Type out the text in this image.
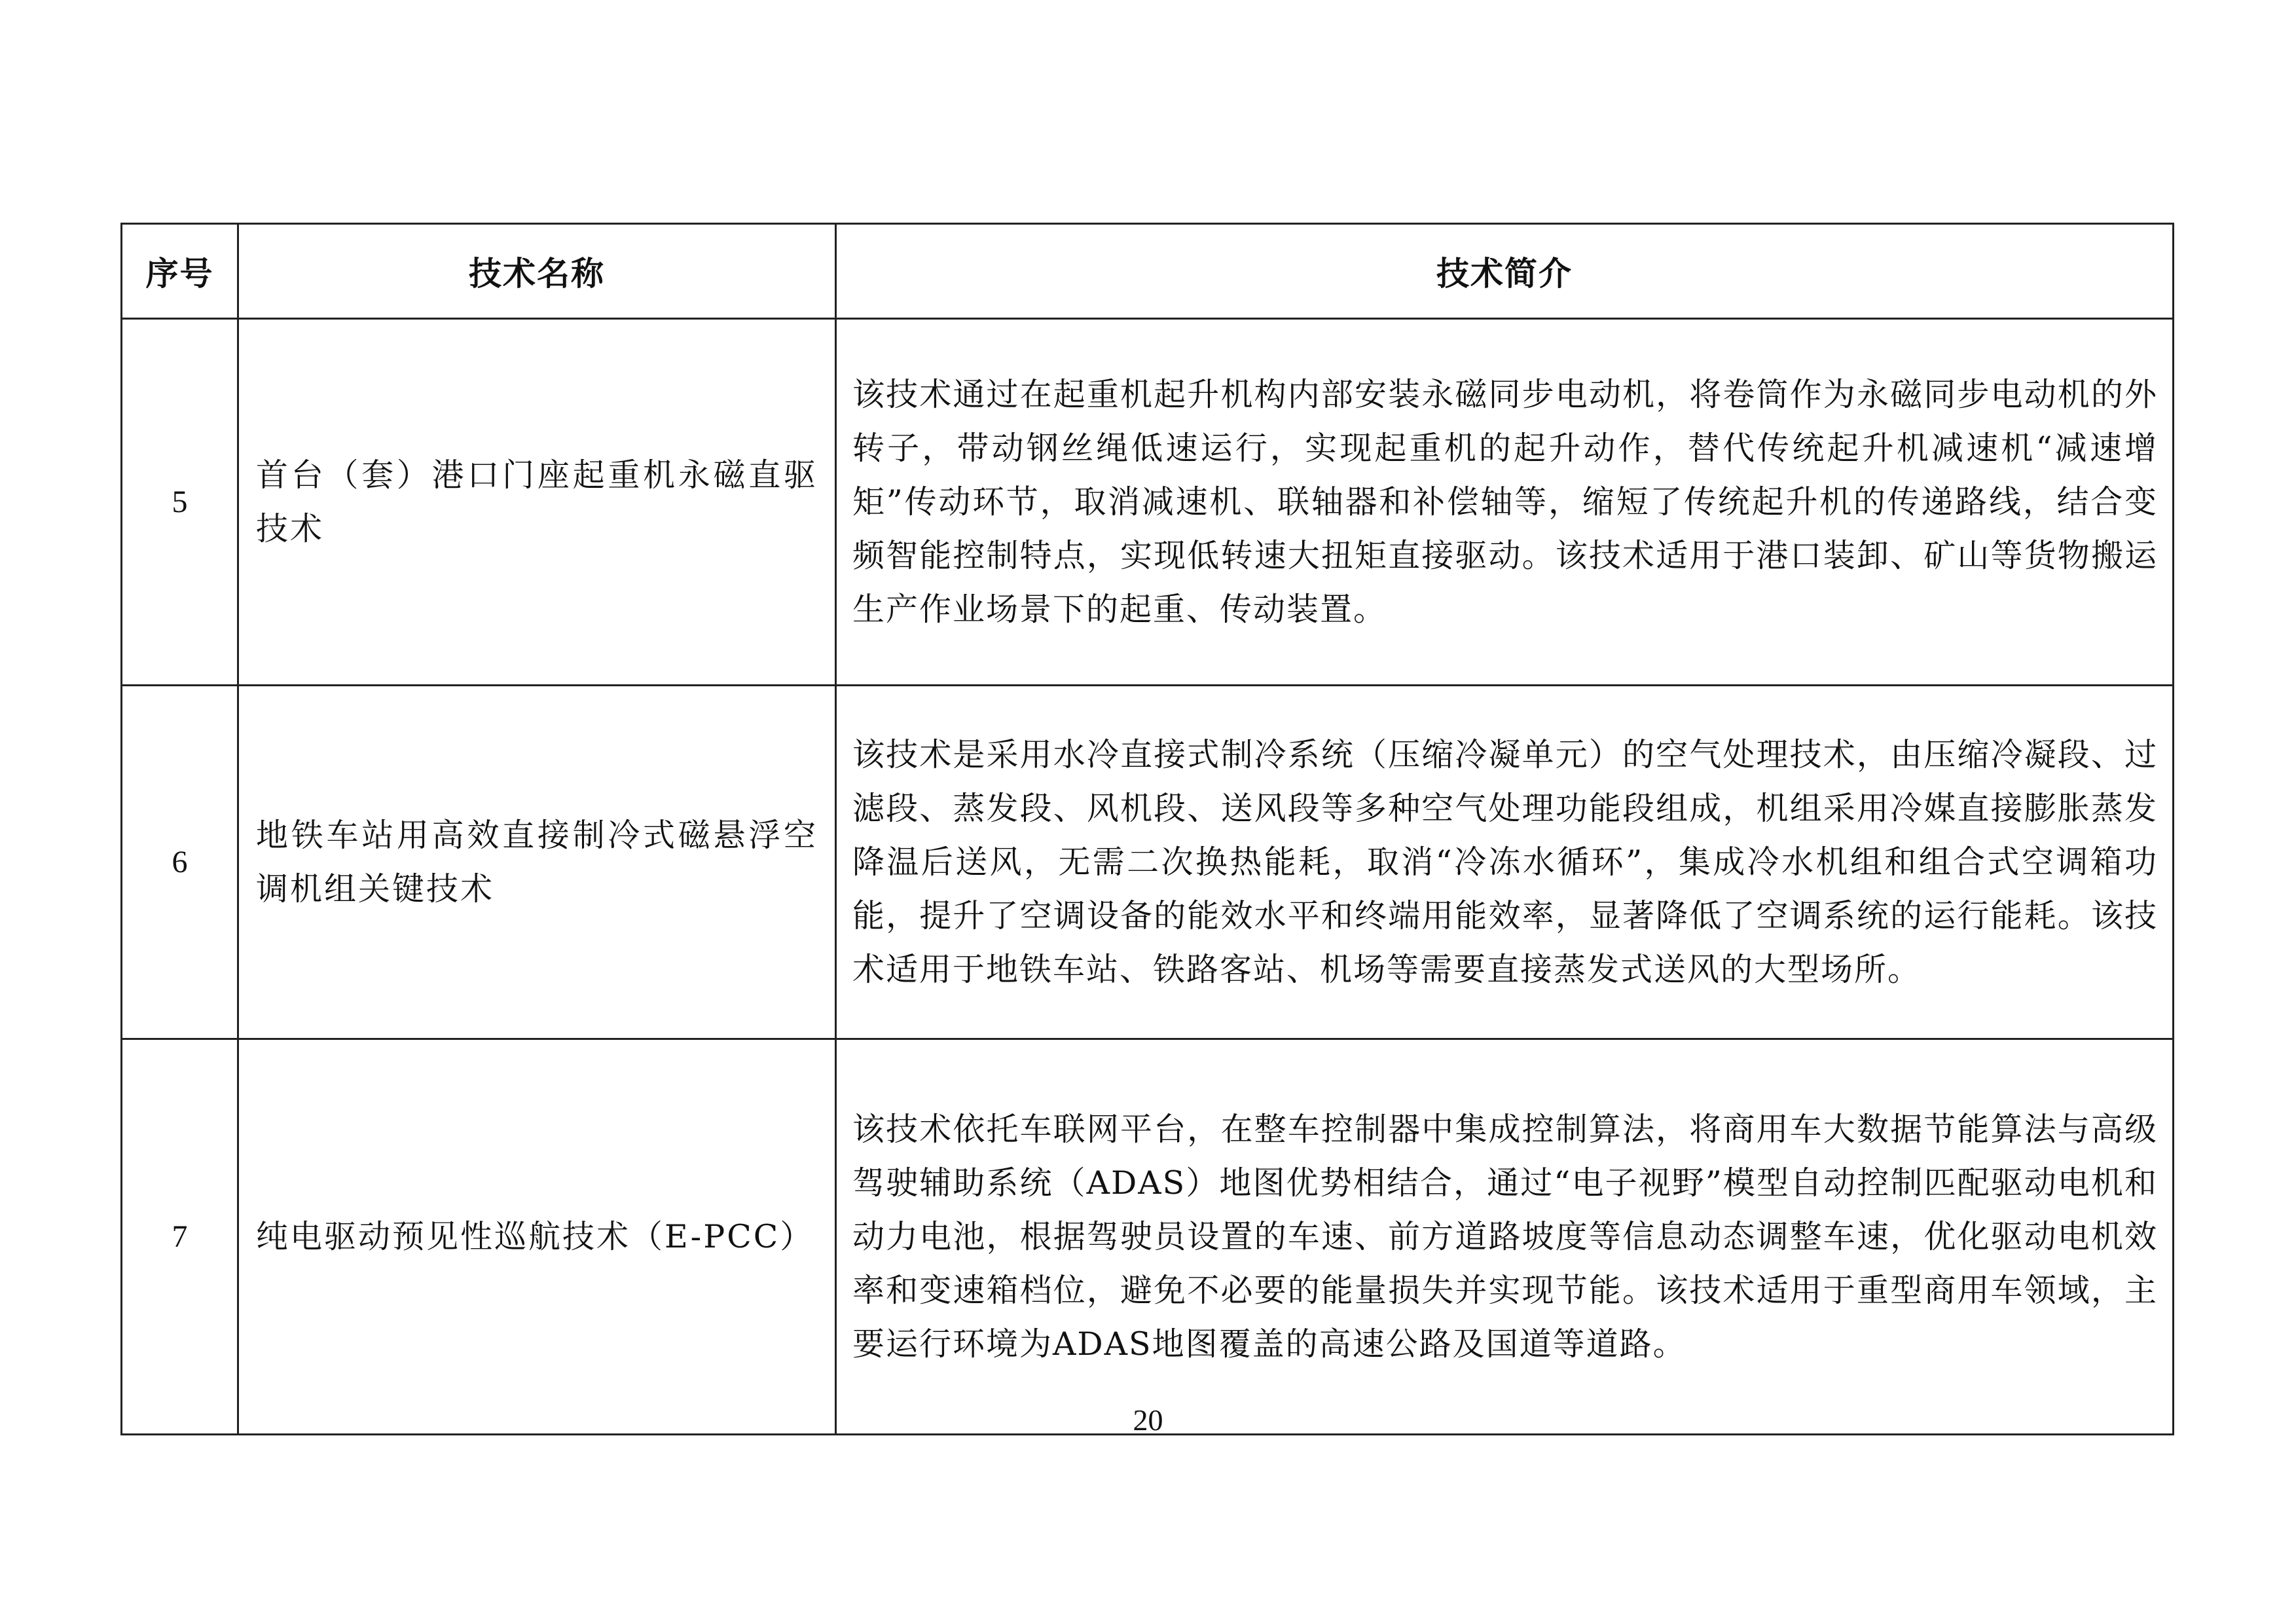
序号	技术名称	技术简介
5	首台（套）港口门座起重机永磁直驱技术	该技术通过在起重机起升机构内部安装永磁同步电动机，将卷筒作为永磁同步电动机的外转子，带动钢丝绳低速运行，实现起重机的起升动作，替代传统起升机减速机“减速增矩”传动环节，取消减速机、联轴器和补偿轴等，缩短了传统起升机的传递路线，结合变频智能控制特点，实现低转速大扭矩直接驱动。该技术适用于港口装卸、矿山等货物搬运生产作业场景下的起重、传动装置。
6	地铁车站用高效直接制冷式磁悬浮空调机组关键技术	该技术是采用水冷直接式制冷系统（压缩冷凝单元）的空气处理技术，由压缩冷凝段、过滤段、蒸发段、风机段、送风段等多种空气处理功能段组成，机组采用冷媒直接膨胀蒸发降温后送风，无需二次换热能耗，取消“冷冻水循环”，集成冷水机组和组合式空调箱功能，提升了空调设备的能效水平和终端用能效率，显著降低了空调系统的运行能耗。该技术适用于地铁车站、铁路客站、机场等需要直接蒸发式送风的大型场所。
7	纯电驱动预见性巡航技术（E-PCC）	该技术依托车联网平台，在整车控制器中集成控制算法，将商用车大数据节能算法与高级驾驶辅助系统（ADAS）地图优势相结合，通过“电子视野”模型自动控制匹配驱动电机和动力电池，根据驾驶员设置的车速、前方道路坡度等信息动态调整车速，优化驱动电机效率和变速箱档位，避免不必要的能量损失并实现节能。该技术适用于重型商用车领域，主要运行环境为ADAS地图覆盖的高速公路及国道等道路。
20
